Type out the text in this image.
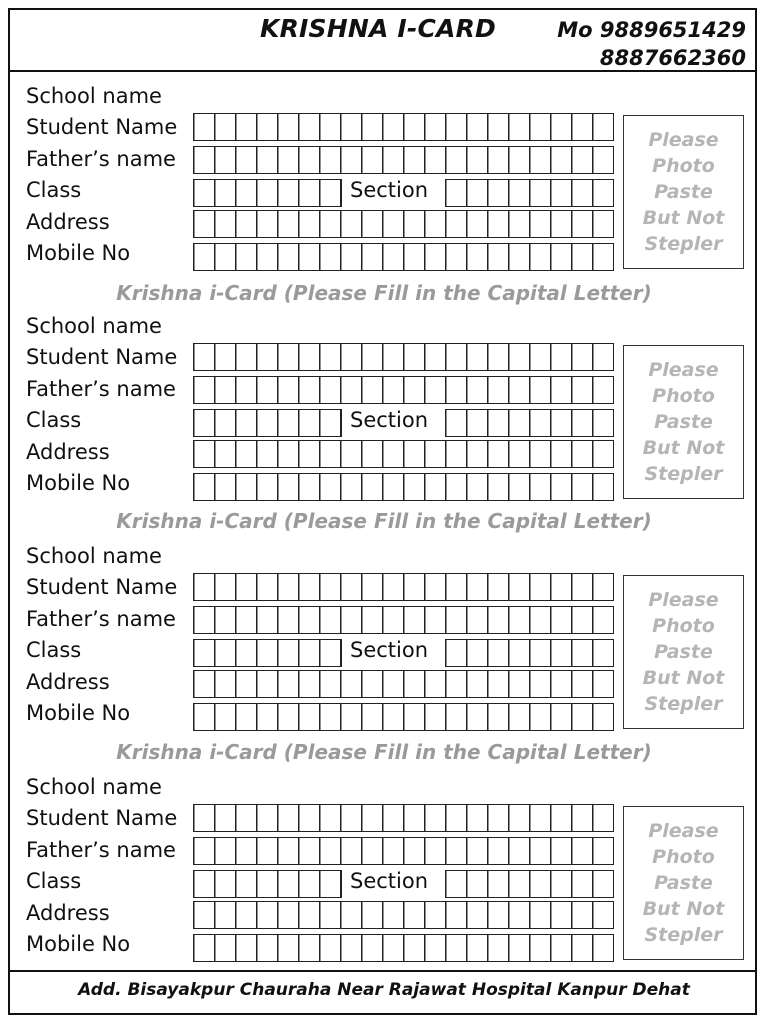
KRISHNA I-CARD	Mo 9889651429
8887662360
School name
Student Name
Father’s name
Class	Section
Address
Mobile No
Please
Photo
Paste
But Not
Stepler
Krishna i-Card (Please Fill in the Capital Letter)
School name
Student Name
Father’s name
Class	Section
Address
Mobile No
Please
Photo
Paste
But Not
Stepler
Krishna i-Card (Please Fill in the Capital Letter)
School name
Student Name
Father’s name
Class	Section
Address
Mobile No
Please
Photo
Paste
But Not
Stepler
Krishna i-Card (Please Fill in the Capital Letter)
School name
Student Name
Father’s name
Class	Section
Address
Mobile No
Please
Photo
Paste
But Not
Stepler
Add. Bisayakpur Chauraha Near Rajawat Hospital Kanpur Dehat
